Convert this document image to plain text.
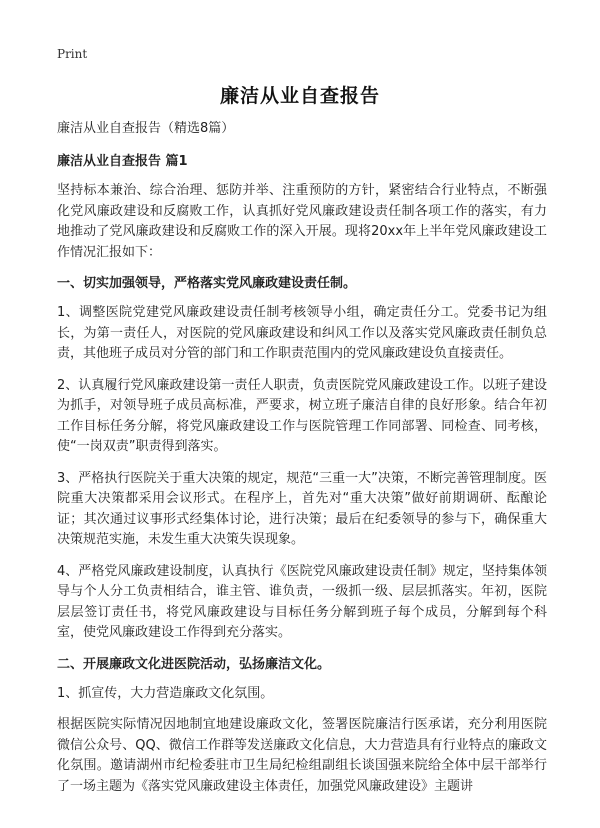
Print
廉洁从业自查报告
廉洁从业自查报告（精选8篇）
廉洁从业自查报告 篇1

坚持标本兼治、综合治理、惩防并举、注重预防的方针，紧密结合行业特点，不断强化党风廉政建设和反腐败工作，认真抓好党风廉政建设责任制各项工作的落实，有力地推动了党风廉政建设和反腐败工作的深入开展。现将20xx年上半年党风廉政建设工作情况汇报如下：

一、切实加强领导，严格落实党风廉政建设责任制。

1、调整医院党建党风廉政建设责任制考核领导小组，确定责任分工。党委书记为组长，为第一责任人，对医院的党风廉政建设和纠风工作以及落实党风廉政责任制负总责，其他班子成员对分管的部门和工作职责范围内的党风廉政建设负直接责任。

2、认真履行党风廉政建设第一责任人职责，负责医院党风廉政建设工作。以班子建设为抓手，对领导班子成员高标准，严要求，树立班子廉洁自律的良好形象。结合年初工作目标任务分解，将党风廉政建设工作与医院管理工作同部署、同检查、同考核，使“一岗双责”职责得到落实。

3、严格执行医院关于重大决策的规定，规范“三重一大”决策，不断完善管理制度。医院重大决策都采用会议形式。在程序上，首先对“重大决策”做好前期调研、酝酿论证；其次通过议事形式经集体讨论，进行决策；最后在纪委领导的参与下，确保重大决策规范实施，未发生重大决策失误现象。

4、严格党风廉政建设制度，认真执行《医院党风廉政建设责任制》规定，坚持集体领导与个人分工负责相结合，谁主管、谁负责，一级抓一级、层层抓落实。年初，医院层层签订责任书，将党风廉政建设与目标任务分解到班子每个成员，分解到每个科室，使党风廉政建设工作得到充分落实。

二、开展廉政文化进医院活动，弘扬廉洁文化。

1、抓宣传，大力营造廉政文化氛围。

根据医院实际情况因地制宜地建设廉政文化，签署医院廉洁行医承诺，充分利用医院微信公众号、QQ、微信工作群等发送廉政文化信息，大力营造具有行业特点的廉政文化氛围。邀请湖州市纪检委驻市卫生局纪检组副组长谈国强来院给全体中层干部举行了一场主题为《落实党风廉政建设主体责任，加强党风廉政建设》主题讲
